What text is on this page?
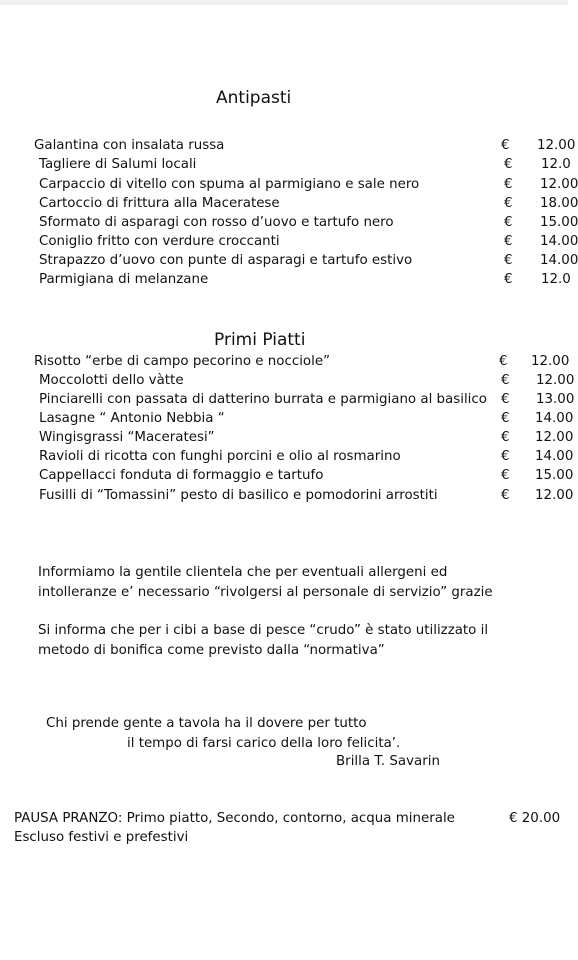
Antipasti
Galantina con insalata russa	€ 12.00
Tagliere di Salumi locali	€ 12.0
Carpaccio di vitello con spuma al parmigiano e sale nero	€ 12.00
Cartoccio di frittura alla Maceratese	€ 18.00
Sformato di asparagi con rosso d’uovo e tartufo nero	€ 15.00
Coniglio fritto con verdure croccanti	€ 14.00
Strapazzo d’uovo con punte di asparagi e tartufo estivo	€ 14.00
Parmigiana di melanzane	€ 12.0
Primi Piatti
Risotto “erbe di campo pecorino e nocciole”	€ 12.00
Moccolotti dello vàtte	€ 12.00
Pinciarelli con passata di datterino burrata e parmigiano al basilico € 13.00
Lasagne “ Antonio Nebbia “	€ 14.00
Wingisgrassi “Maceratesi”	€ 12.00
Ravioli di ricotta con funghi porcini e olio al rosmarino	€ 14.00
Cappellacci fonduta di formaggio e tartufo	€ 15.00
Fusilli di “Tomassini” pesto di basilico e pomodorini arrostiti	€ 12.00
Informiamo la gentile clientela che per eventuali allergeni ed
intolleranze e’ necessario “rivolgersi al personale di servizio” grazie
Si informa che per i cibi a base di pesce “crudo” è stato utilizzato il
metodo di bonifica come previsto dalla “normativa”
Chi prende gente a tavola ha il dovere per tutto
il tempo di farsi carico della loro felicita’.
Brilla T. Savarin
PAUSA PRANZO: Primo piatto, Secondo, contorno, acqua minerale	€ 20.00
Escluso festivi e prefestivi
